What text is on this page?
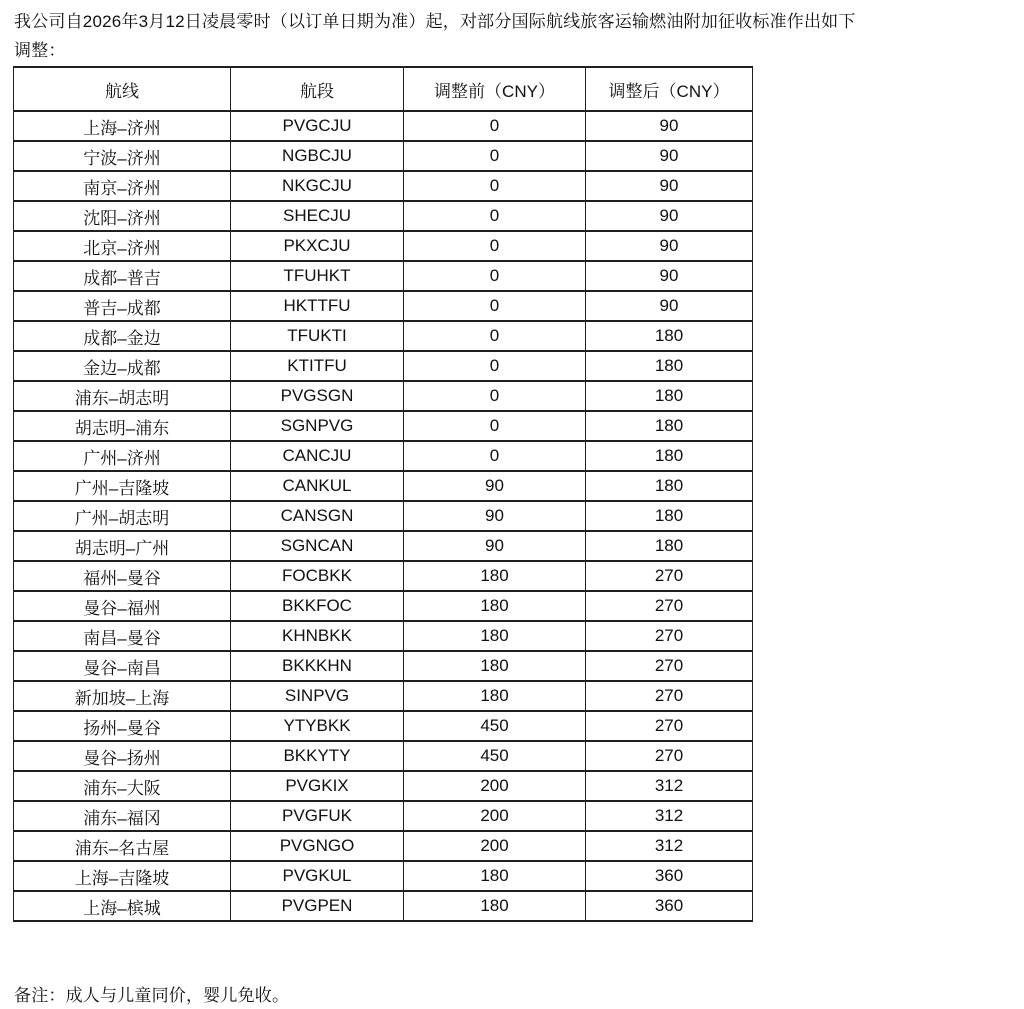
我公司自2026年3月12日凌晨零时（以订单日期为准）起，对部分国际航线旅客运输燃油附加征收标准作出如下
调整：

航线	航段	调整前（CNY）	调整后（CNY）
上海–济州	PVGCJU	0	90
宁波–济州	NGBCJU	0	90
南京–济州	NKGCJU	0	90
沈阳–济州	SHECJU	0	90
北京–济州	PKXCJU	0	90
成都–普吉	TFUHKT	0	90
普吉–成都	HKTTFU	0	90
成都–金边	TFUKTI	0	180
金边–成都	KTITFU	0	180
浦东–胡志明	PVGSGN	0	180
胡志明–浦东	SGNPVG	0	180
广州–济州	CANCJU	0	180
广州–吉隆坡	CANKUL	90	180
广州–胡志明	CANSGN	90	180
胡志明–广州	SGNCAN	90	180
福州–曼谷	FOCBKK	180	270
曼谷–福州	BKKFOC	180	270
南昌–曼谷	KHNBKK	180	270
曼谷–南昌	BKKKHN	180	270
新加坡–上海	SINPVG	180	270
扬州–曼谷	YTYBKK	450	270
曼谷–扬州	BKKYTY	450	270
浦东–大阪	PVGKIX	200	312
浦东–福冈	PVGFUK	200	312
浦东–名古屋	PVGNGO	200	312
上海–吉隆坡	PVGKUL	180	360
上海–槟城	PVGPEN	180	360

备注：成人与儿童同价，婴儿免收。
